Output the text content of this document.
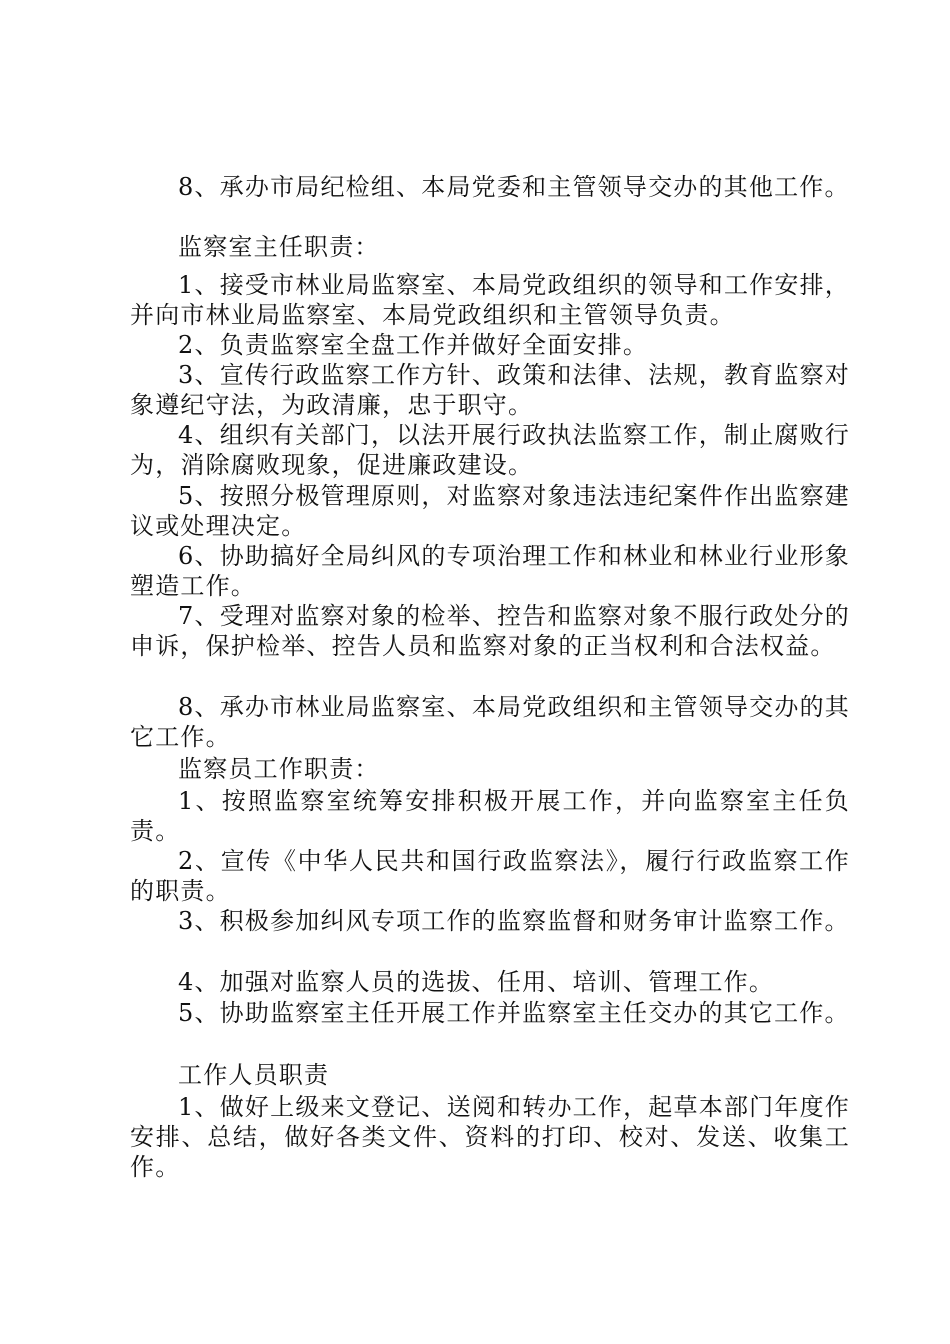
8、承办市局纪检组、本局党委和主管领导交办的其他工作。

监察室主任职责：

1、接受市林业局监察室、本局党政组织的领导和工作安排，并向市林业局监察室、本局党政组织和主管领导负责。

2、负责监察室全盘工作并做好全面安排。

3、宣传行政监察工作方针、政策和法律、法规，教育监察对象遵纪守法，为政清廉，忠于职守。

4、组织有关部门，以法开展行政执法监察工作，制止腐败行为，消除腐败现象，促进廉政建设。

5、按照分极管理原则，对监察对象违法违纪案件作出监察建议或处理决定。

6、协助搞好全局纠风的专项治理工作和林业和林业行业形象塑造工作。

7、受理对监察对象的检举、控告和监察对象不服行政处分的申诉，保护检举、控告人员和监察对象的正当权利和合法权益。

8、承办市林业局监察室、本局党政组织和主管领导交办的其它工作。

监察员工作职责：

1、按照监察室统筹安排积极开展工作，并向监察室主任负责。

2、宣传《中华人民共和国行政监察法》，履行行政监察工作的职责。

3、积极参加纠风专项工作的监察监督和财务审计监察工作。

4、加强对监察人员的选拔、任用、培训、管理工作。

5、协助监察室主任开展工作并监察室主任交办的其它工作。

工作人员职责

1、做好上级来文登记、送阅和转办工作，起草本部门年度作安排、总结，做好各类文件、资料的打印、校对、发送、收集工作。
